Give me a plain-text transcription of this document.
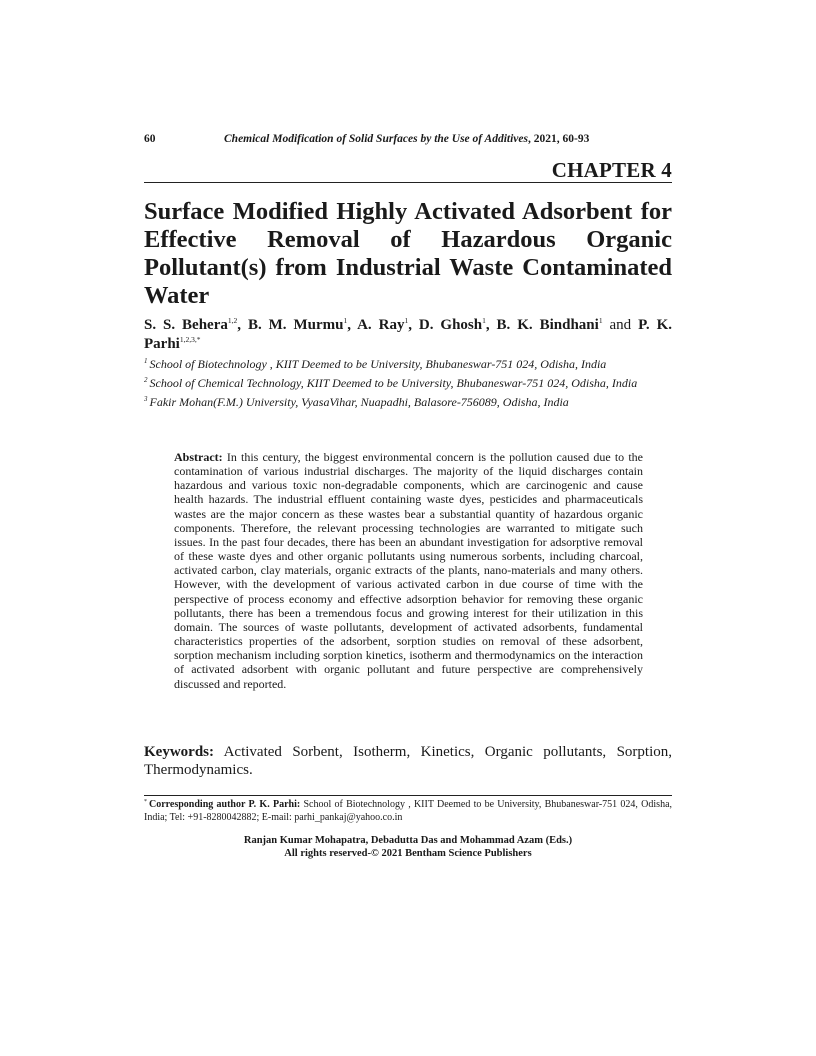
60	Chemical Modification of Solid Surfaces by the Use of Additives, 2021, 60-93
CHAPTER 4
Surface Modified Highly Activated Adsorbent for Effective Removal of Hazardous Organic Pollutant(s) from Industrial Waste Contaminated Water
S. S. Behera$^{1,2}$, B. M. Murmu$^1$, A. Ray$^1$, D. Ghosh$^1$, B. K. Bindhani$^1$ and P. K. Parhi$^{1,2,3,*}$

$^1$ School of Biotechnology , KIIT Deemed to be University, Bhubaneswar-751 024, Odisha, India

$^2$ School of Chemical Technology, KIIT Deemed to be University, Bhubaneswar-751 024, Odisha, India

$^3$ Fakir Mohan(F.M.) University, VyasaVihar, Nuapadhi, Balasore-756089, Odisha, India

Abstract: In this century, the biggest environmental concern is the pollution caused due to the contamination of various industrial discharges. The majority of the liquid discharges contain hazardous and various toxic non-degradable components, which are carcinogenic and cause health hazards. The industrial effluent containing waste dyes, pesticides and pharmaceuticals wastes are the major concern as these wastes bear a substantial quantity of hazardous organic components. Therefore, the relevant processing technologies are warranted to mitigate such issues. In the past four decades, there has been an abundant investigation for adsorptive removal of these waste dyes and other organic pollutants using numerous sorbents, including charcoal, activated carbon, clay materials, organic extracts of the plants, nano-materials and many others. However, with the development of various activated carbon in due course of time with the perspective of process economy and effective adsorption behavior for removing these organic pollutants, there has been a tremendous focus and growing interest for their utilization in this domain. The sources of waste pollutants, development of activated adsorbents, fundamental characteristics properties of the adsorbent, sorption studies on removal of these adsorbent, sorption mechanism including sorption kinetics, isotherm and thermodynamics on the interaction of activated adsorbent with organic pollutant and future perspective are comprehensively discussed and reported.
Keywords: Activated Sorbent, Isotherm, Kinetics, Organic pollutants, Sorption, Thermodynamics.
* Corresponding author P. K. Parhi: School of Biotechnology , KIIT Deemed to be University, Bhubaneswar-751 024, Odisha, India; Tel: +91-8280042882; E-mail: parhi_pankaj@yahoo.co.in
Ranjan Kumar Mohapatra, Debadutta Das and Mohammad Azam (Eds.)
All rights reserved-© 2021 Bentham Science Publishers
